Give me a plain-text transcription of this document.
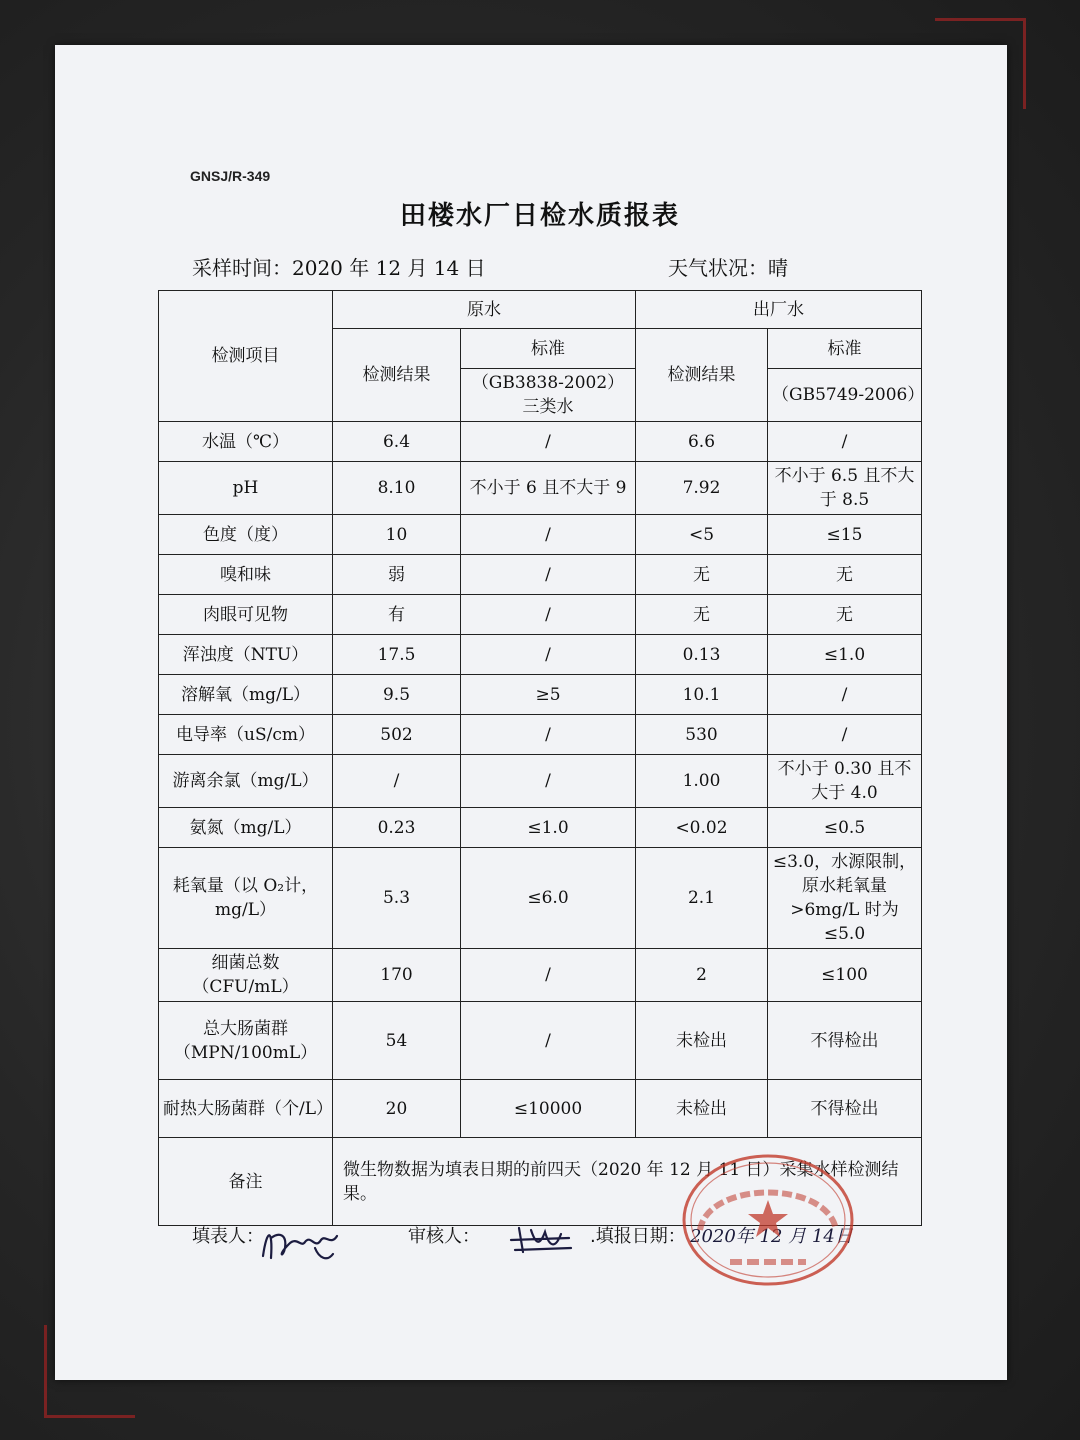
GNSJ/R-349
田楼水厂日检水质报表
采样时间：2020 年 12 月 14 日	天气状况：晴
检测项目	原水		出厂水	
	检测结果	标准	检测结果	标准
		（GB3838-2002）三类水		（GB5749-2006）
水温（℃）	6.4	/	6.6	/
pH	8.10	不小于 6 且不大于 9	7.92	不小于 6.5 且不大于 8.5
色度（度）	10	/	<5	≤15
嗅和味	弱	/	无	无
肉眼可见物	有	/	无	无
浑浊度（NTU）	17.5	/	0.13	≤1.0
溶解氧（mg/L）	9.5	≥5	10.1	/
电导率（uS/cm）	502	/	530	/
游离余氯（mg/L）	/	/	1.00	不小于 0.30 且不大于 4.0
氨氮（mg/L）	0.23	≤1.0	<0.02	≤0.5
耗氧量（以 O₂计，mg/L）	5.3	≤6.0	2.1	≤3.0，水源限制，原水耗氧量>6mg/L 时为≤5.0
细菌总数（CFU/mL）	170	/	2	≤100
总大肠菌群（MPN/100mL）	54	/	未检出	不得检出
耐热大肠菌群（个/L）	20	≤10000	未检出	不得检出
备注	微生物数据为填表日期的前四天（2020 年 12 月 11 日）采集水样检测结果。			
填表人：	审核人：	.填报日期： 2020年 12 月 14日
